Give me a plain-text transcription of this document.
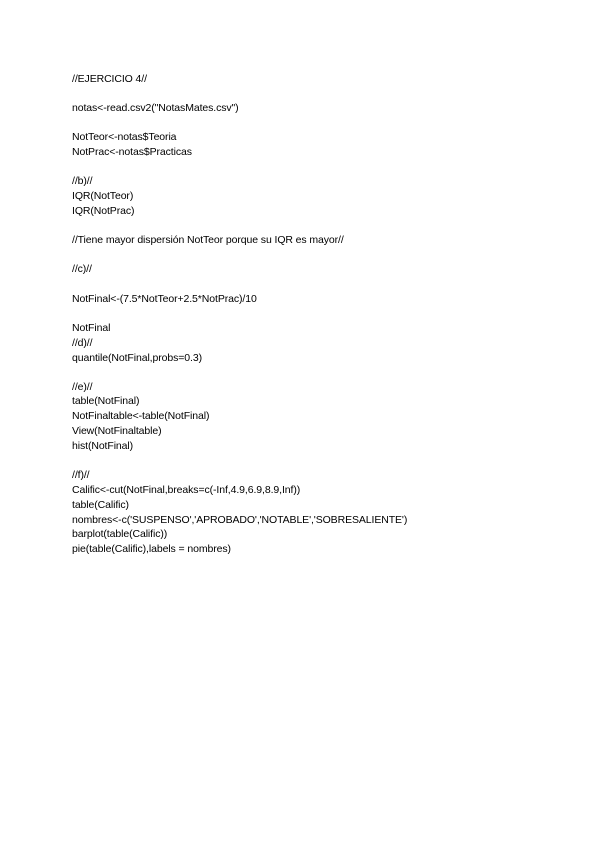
//EJERCICIO 4//
notas<-read.csv2("NotasMates.csv")
NotTeor<-notas$Teoria
NotPrac<-notas$Practicas
//b)//
IQR(NotTeor)
IQR(NotPrac)
//Tiene mayor dispersión NotTeor porque su IQR es mayor//
//c)//
NotFinal<-(7.5*NotTeor+2.5*NotPrac)/10
NotFinal
//d)//
quantile(NotFinal,probs=0.3)
//e)//
table(NotFinal)
NotFinaltable<-table(NotFinal)
View(NotFinaltable)
hist(NotFinal)
//f)//
Calific<-cut(NotFinal,breaks=c(-Inf,4.9,6.9,8.9,Inf))
table(Calific)
nombres<-c('SUSPENSO','APROBADO','NOTABLE','SOBRESALIENTE')
barplot(table(Calific))
pie(table(Calific),labels = nombres)
